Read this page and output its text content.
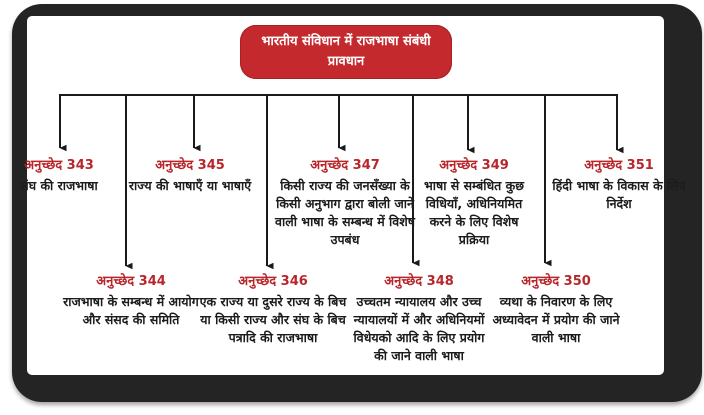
भारतीय संविधान में राजभाषा संबंधी
प्रावधान
अनुच्छेद 343
संघ की राजभाषा
अनुच्छेद 345
राज्य की भाषाएँ या भाषाएँ
अनुच्छेद 347
किसी राज्य की जनसँख्या के किसी अनुभाग द्वारा बोली जाने वाली भाषा के सम्बन्ध में विशेष उपबंध
अनुच्छेद 349
भाषा से सम्बंधित कुछ विधियाँ, अधिनियमित करने के लिए विशेष प्रक्रिया
अनुच्छेद 351
हिंदी भाषा के विकास के लिए निर्देश
अनुच्छेद 344
राजभाषा के सम्बन्ध में आयोग और संसद की समिति
अनुच्छेद 346
एक राज्य या दुसरे राज्य के बिच या किसी राज्य और संघ के बिच पत्रादि की राजभाषा
अनुच्छेद 348
उच्चतम न्यायालय और उच्च न्यायालयों में और अधिनियमों विधेयको आदि के लिए प्रयोग की जाने वाली भाषा
अनुच्छेद 350
व्यथा के निवारण के लिए अध्यावेदन में प्रयोग की जाने वाली भाषा
